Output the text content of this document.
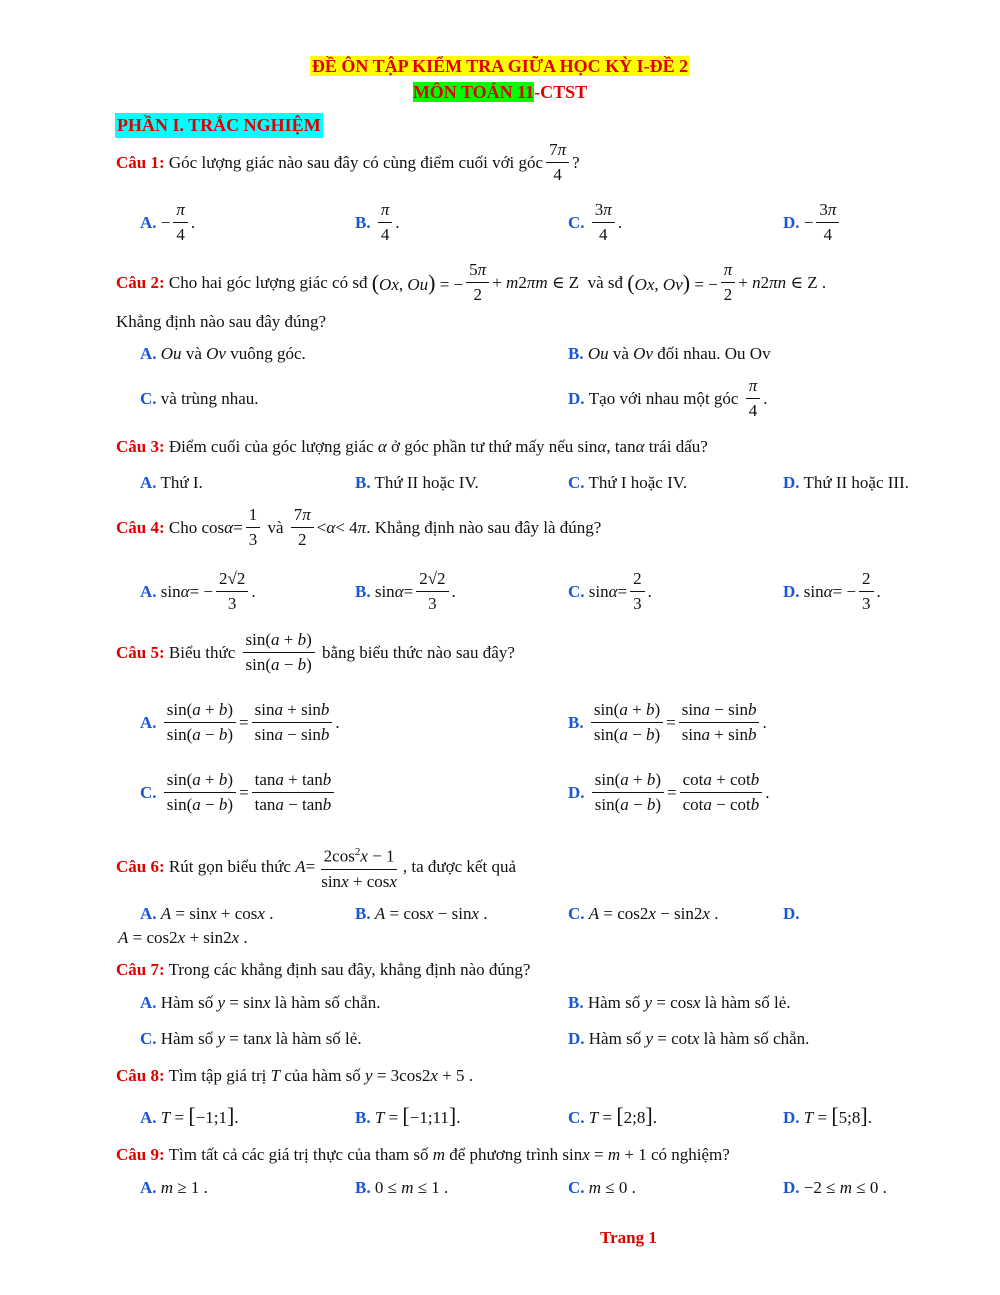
ĐỀ ÔN TẬP KIỂM TRA GIỮA HỌC KỲ I-ĐỀ 2
MÔN TOÁN 11-CTST
PHẦN I. TRẮC NGHIỆM
Câu 1:
Góc lượng giác nào sau đây có cùng điểm cuối với góc $\frac{7\pi}{4}$ ?
A. − $\frac{\pi}{4}$ .	B.
$\frac{\pi}{4}$ .	C.
$\frac{3\pi}{4}$ .	D. − $\frac{3\pi}{4}$
Câu 2:
Cho hai góc lượng giác có sđ
(Ox, Ou) = − $\frac{5\pi}{2} + m2\pi m$ ∈ Z
và sđ
(Ox, Ov) = − $\frac{\pi}{2} + n2\pi n$ ∈ Z .
Khẳng định nào sau đây đúng?
A. Ou và Ov vuông góc.	B. Ou và Ov đối nhau. Ou Ov
C. và trùng nhau.	D.
Tạo với nhau một góc
$\frac{\pi}{4}$ .
Câu 3: Điểm cuối của góc lượng giác α ở góc phần tư thứ mấy nếu sinα, tanα trái dấu?
A. Thứ I.	B. Thứ II hoặc IV.	C. Thứ I hoặc IV.	D. Thứ II hoặc III.
Câu 4:
Cho $\cos \alpha = \frac{1}{3}$
và
$\frac{7\pi}{2} < \alpha < 4$ π . Khẳng định nào sau đây là đúng?
A. sin α = − $\frac{2√2}{3}$ .	B. $\sin \alpha = \frac{2√2}{3}$ .	C. $\sin \alpha = \frac{2}{3}$ .	D. sin α = − $\frac{2}{3}$ .
Câu 5:
Biểu thức
$\frac{\sin(a + b)}{\sin(a - b)}$
bằng biểu thức nào sau đây?
A.
$\frac{\sin(a + b)}{\sin(a - b)} = \frac{\sin a + \sin b}{\sin a - \sin b}$ .	B.
$\frac{\sin(a + b)}{\sin(a - b)} = \frac{\sin a - \sin b}{\sin a + \sin b}$ .
C.
$\frac{\sin(a + b)}{\sin(a - b)} = \frac{\tan a + \tan b}{\tan a - \tan b}$	D.
$\frac{\sin(a + b)}{\sin(a - b)} = \frac{\cot a + \cot b}{\cot a - \cot b}$ .
Câu 6:
Rút gọn biểu thức
$A = \frac{2\cos^2x - 1}{\sin x + \cos x}$ , ta được kết quả
A. A = sinx + cosx .	B. A = cosx − sinx .	C. A = cos2x − sin2x .	D.
A = cos2x + sin2x .
Câu 7: Trong các khẳng định sau đây, khẳng định nào đúng?
A. Hàm số y = sinx là hàm số chẵn.	B. Hàm số y = cosx là hàm số lẻ.
C. Hàm số y = tanx là hàm số lẻ.	D. Hàm số y = cotx là hàm số chẵn.
Câu 8: Tìm tập giá trị T của hàm số y = 3cos2x + 5 .
A. T = [−1;1].	B. T = [−1;11].	C. T = [2;8].	D. T = [5;8].
Câu 9: Tìm tất cả các giá trị thực của tham số m để phương trình sinx = m + 1 có nghiệm?
A. m ≥ 1 .	B. 0 ≤ m ≤ 1 .	C. m ≤ 0 .	D. −2 ≤ m ≤ 0 .
Trang 1
